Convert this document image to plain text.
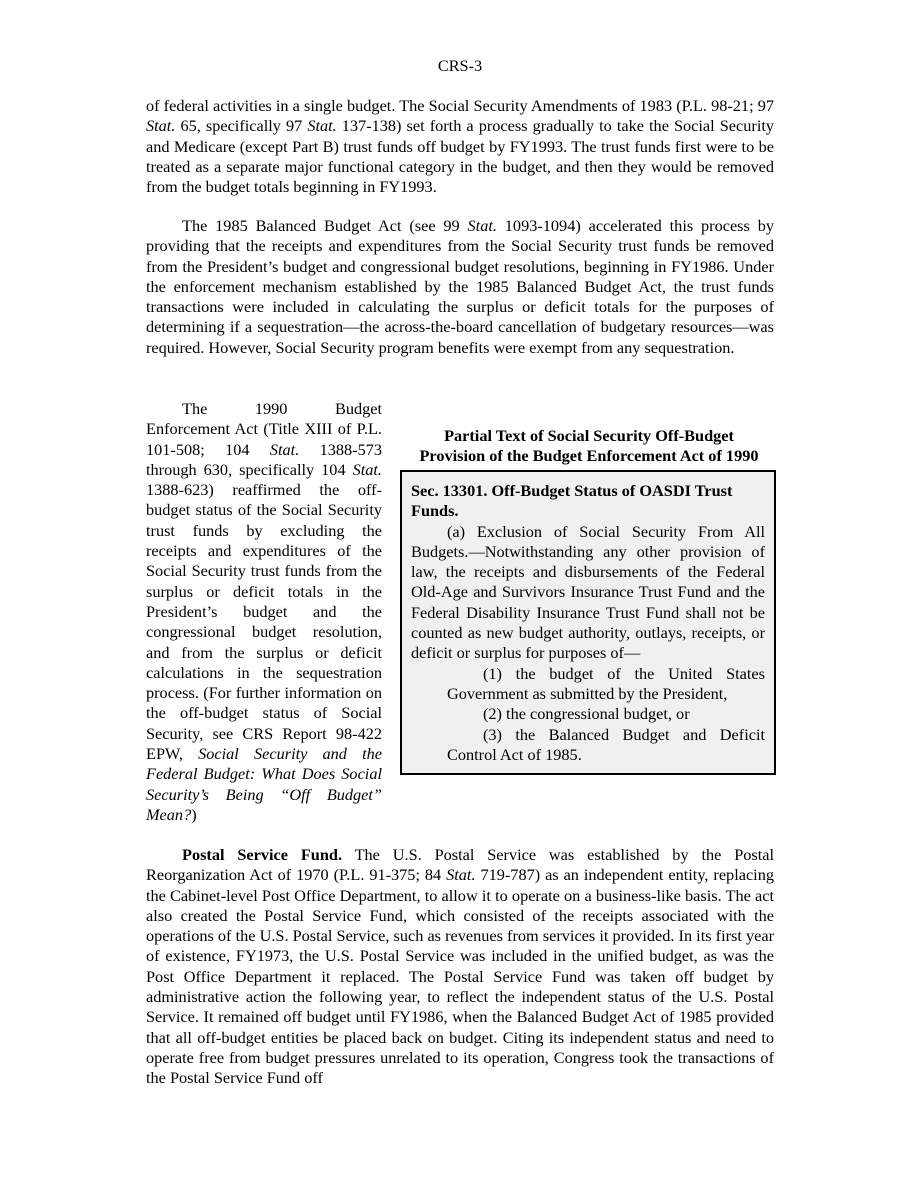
CRS-3

of federal activities in a single budget. The Social Security Amendments of 1983 (P.L. 98-21; 97 Stat. 65, specifically 97 Stat. 137-138) set forth a process gradually to take the Social Security and Medicare (except Part B) trust funds off budget by FY1993. The trust funds first were to be treated as a separate major functional category in the budget, and then they would be removed from the budget totals beginning in FY1993.

The 1985 Balanced Budget Act (see 99 Stat. 1093-1094) accelerated this process by providing that the receipts and expenditures from the Social Security trust funds be removed from the President’s budget and congressional budget resolutions, beginning in FY1986. Under the enforcement mechanism established by the 1985 Balanced Budget Act, the trust funds transactions were included in calculating the surplus or deficit totals for the purposes of determining if a sequestration—the across-the-board cancellation of budgetary resources—was required. However, Social Security program benefits were exempt from any sequestration.

The 1990 Budget Enforcement Act (Title XIII of P.L. 101-508; 104 Stat. 1388-573 through 630, specifically 104 Stat. 1388-623) reaffirmed the off-budget status of the Social Security trust funds by excluding the receipts and expenditures of the Social Security trust funds from the surplus or deficit totals in the President’s budget and the congressional budget resolution, and from the surplus or deficit calculations in the sequestration process. (For further information on the off-budget status of Social Security, see CRS Report 98-422 EPW, Social Security and the Federal Budget: What Does Social Security’s Being “Off Budget” Mean?)

Partial Text of Social Security Off-Budget
Provision of the Budget Enforcement Act of 1990

Sec. 13301. Off-Budget Status of OASDI Trust Funds.

(a) Exclusion of Social Security From All Budgets.—Notwithstanding any other provision of law, the receipts and disbursements of the Federal Old-Age and Survivors Insurance Trust Fund and the Federal Disability Insurance Trust Fund shall not be counted as new budget authority, outlays, receipts, or deficit or surplus for purposes of—

(1) the budget of the United States Government as submitted by the President,

(2) the congressional budget, or

(3) the Balanced Budget and Deficit Control Act of 1985.

Postal Service Fund. The U.S. Postal Service was established by the Postal Reorganization Act of 1970 (P.L. 91-375; 84 Stat. 719-787) as an independent entity, replacing the Cabinet-level Post Office Department, to allow it to operate on a business-like basis. The act also created the Postal Service Fund, which consisted of the receipts associated with the operations of the U.S. Postal Service, such as revenues from services it provided. In its first year of existence, FY1973, the U.S. Postal Service was included in the unified budget, as was the Post Office Department it replaced. The Postal Service Fund was taken off budget by administrative action the following year, to reflect the independent status of the U.S. Postal Service. It remained off budget until FY1986, when the Balanced Budget Act of 1985 provided that all off-budget entities be placed back on budget. Citing its independent status and need to operate free from budget pressures unrelated to its operation, Congress took the transactions of the Postal Service Fund off
